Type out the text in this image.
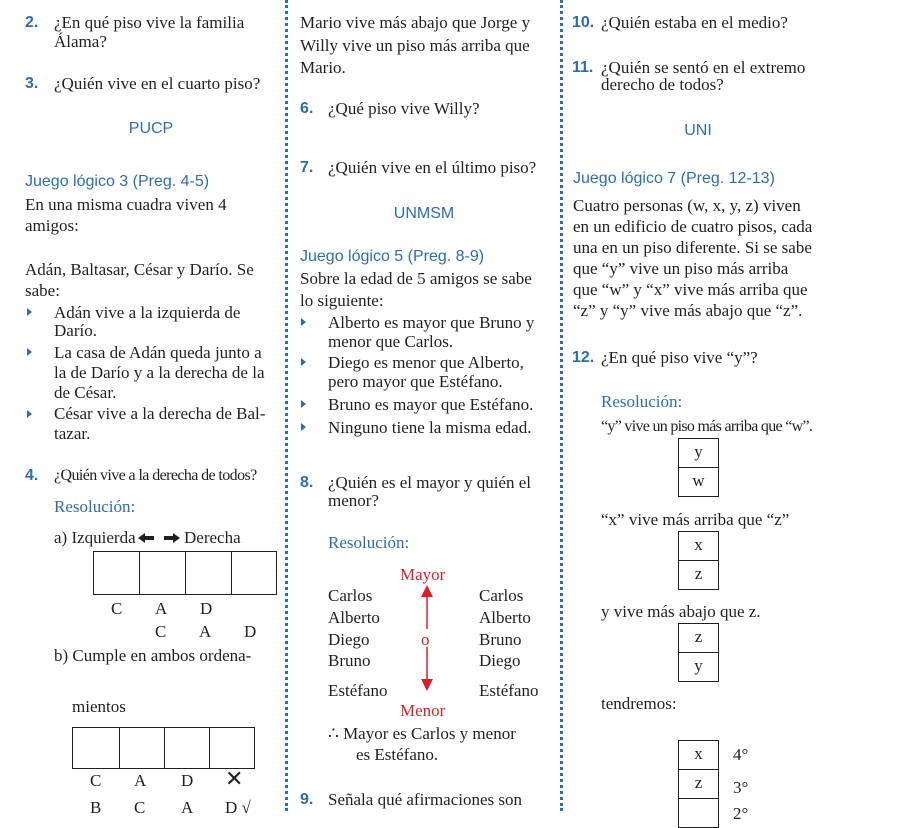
2. ¿En qué piso vive la familia
Álama?
3. ¿Quién vive en el cuarto piso?
PUCP
Juego lógico 3 (Preg. 4-5)
En una misma cuadra viven 4
amigos:
Adán, Baltasar, César y Darío. Se
sabe:
Adán vive a la izquierda de
Darío.
La casa de Adán queda junto a
la de Darío y a la derecha de la
de César.
César vive a la derecha de Bal-
tazar.
4. ¿Quién vive a la derecha de todos?
Resolución:
a) Izquierda	Derecha
C A D
C A D
b) Cumple en ambos ordena-
mientos
C A D ✕
B C A D √
Mario vive más abajo que Jorge y
Willy vive un piso más arriba que
Mario.
6. ¿Qué piso vive Willy?
7. ¿Quién vive en el último piso?
UNMSM
Juego lógico 5 (Preg. 8-9)
Sobre la edad de 5 amigos se sabe
lo siguiente:
Alberto es mayor que Bruno y
menor que Carlos.
Diego es menor que Alberto,
pero mayor que Estéfano.
Bruno es mayor que Estéfano.
Ninguno tiene la misma edad.
8. ¿Quién es el mayor y quién el
menor?
Resolución:
Mayor
o
Menor
Carlos
Alberto
Diego
Bruno
Estéfano
Carlos
Alberto
Bruno
Diego
Estéfano
∴ Mayor es Carlos y menor
es Estéfano.
9. Señala qué afirmaciones son
10. ¿Quién estaba en el medio?
11. ¿Quién se sentó en el extremo
derecho de todos?
UNI
Juego lógico 7 (Preg. 12-13)
Cuatro personas (w, x, y, z) viven
en un edificio de cuatro pisos, cada
una en un piso diferente. Si se sabe
que “y” vive un piso más arriba
que “w” y “x” vive más arriba que
“z” y “y” vive más abajo que “z”.
12. ¿En qué piso vive “y”?
Resolución:
“y” vive un piso más arriba que “w”.
y
w
“x” vive más arriba que “z”
x
z
y vive más abajo que z.
z
y
tendremos:
x
z
4°
3°
2°
